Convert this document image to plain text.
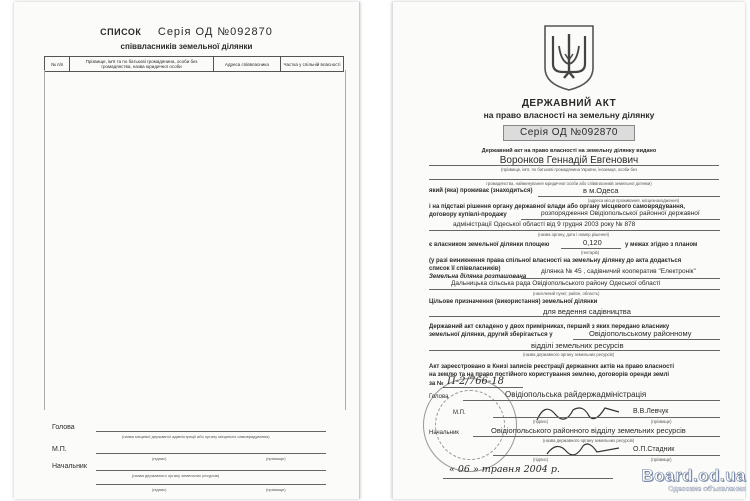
СПИСОК Серія ОД №092870
співвласників земельної ділянки
№ п/п	Прізвище, ім'я та по батькові громадянина, особи без громадянства, назва юридичної особи	Адреса співвласника	Частка у спільній власності
Голова
(назва місцевої державної адміністрації або органу місцевого самоврядування)
М.П.
(підпис)	(прізвище)
Начальник
(назва державного органу земельних ресурсів)
(підпис)	(прізвище)
ДЕРЖАВНИЙ АКТ
на право власності на земельну ділянку
Серія ОД №092870
Державний акт на право власності на земельну ділянку видано
Воронков Геннадій Евгенович
(прізвище, ім'я, по батькові громадянина України, іноземця, особи без
громадянства, найменування юридичної особи або співвласників земельної ділянки)
який (яка) проживає (знаходиться)	в м.Одеса
(адреса місця проживання, місцезнаходження)
і на підставі рішення органу державної влади або органу місцевого самоврядування,
договору купівлі-продажу	розпорядження Овідіопольської районної державної
адміністрації Одеської області від 9 грудня 2003 року № 878
(назва органу, дата і номер рішення)
є власником земельної ділянки площею	0,120	у межах згідно з планом
(гектарів)
(у разі виникнення права спільної власності на земельну ділянку до акта додається
список її співвласників)
Земельна ділянка розташована
ділянка № 45 , садівничий кооператив "Електронік"
Дальницька сільська рада Овідіопольського району Одеської області
(населений пункт, район, область)
Цільове призначення (використання) земельної ділянки
для ведення садівництва
Державний акт складено у двох примірниках, перший з яких передано власнику
земельної ділянки, другий зберігається у	Овідіопольському районному
відділі земельних ресурсів
(назва державного органу земельних ресурсів)
Акт зареєстровано в Книзі записів реєстрації державних актів на право власності
на землю та на право постійного користування землею, договорів оренди землі
за № П-2/766-18
Голова	Овідіопольська райдержадміністрація
М.П.	В.В.Левчук
(підпис)	(прізвище)
Начальник	Овідіопольського районного відділу земельних ресурсів
(назва державного органу земельних ресурсів)
О.П.Стадник
(підпис)	(прізвище)
« 06 » травня 2004 р.	Board.od.ua
Одесские объявления
